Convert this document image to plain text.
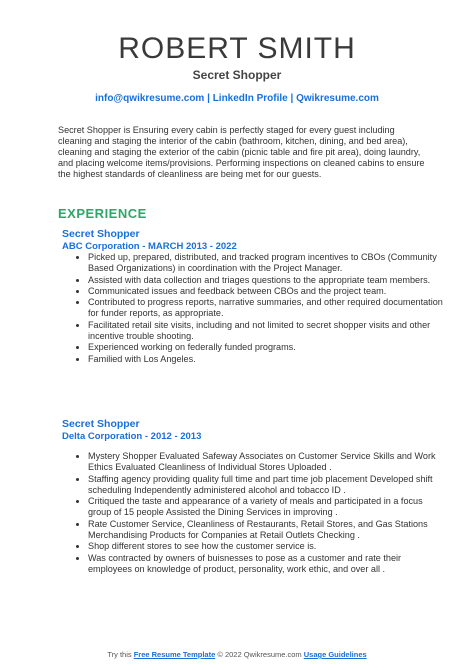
ROBERT SMITH
Secret Shopper
info@qwikresume.com | LinkedIn Profile | Qwikresume.com
Secret Shopper is Ensuring every cabin is perfectly staged for every guest including cleaning and staging the interior of the cabin (bathroom, kitchen, dining, and bed area), cleaning and staging the exterior of the cabin (picnic table and fire pit area), doing laundry, and placing welcome items/provisions. Performing inspections on cleaned cabins to ensure the highest standards of cleanliness are being met for our guests.
EXPERIENCE
Secret Shopper
ABC Corporation - MARCH 2013 - 2022
• Picked up, prepared, distributed, and tracked program incentives to CBOs (Community Based Organizations) in coordination with the Project Manager.
• Assisted with data collection and triages questions to the appropriate team members.
• Communicated issues and feedback between CBOs and the project team.
• Contributed to progress reports, narrative summaries, and other required documentation for funder reports, as appropriate.
• Facilitated retail site visits, including and not limited to secret shopper visits and other incentive trouble shooting.
• Experienced working on federally funded programs.
• Familied with Los Angeles.
Secret Shopper
Delta Corporation - 2012 - 2013
• Mystery Shopper Evaluated Safeway Associates on Customer Service Skills and Work Ethics Evaluated Cleanliness of Individual Stores Uploaded .
• Staffing agency providing quality full time and part time job placement Developed shift scheduling Independently administered alcohol and tobacco ID .
• Critiqued the taste and appearance of a variety of meals and participated in a focus group of 15 people Assisted the Dining Services in improving .
• Rate Customer Service, Cleanliness of Restaurants, Retail Stores, and Gas Stations Merchandising Products for Companies at Retail Outlets Checking .
• Shop different stores to see how the customer service is.
• Was contracted by owners of buisnesses to pose as a customer and rate their employees on knowledge of product, personality, work ethic, and over all .
Try this Free Resume Template © 2022 Qwikresume.com Usage Guidelines
